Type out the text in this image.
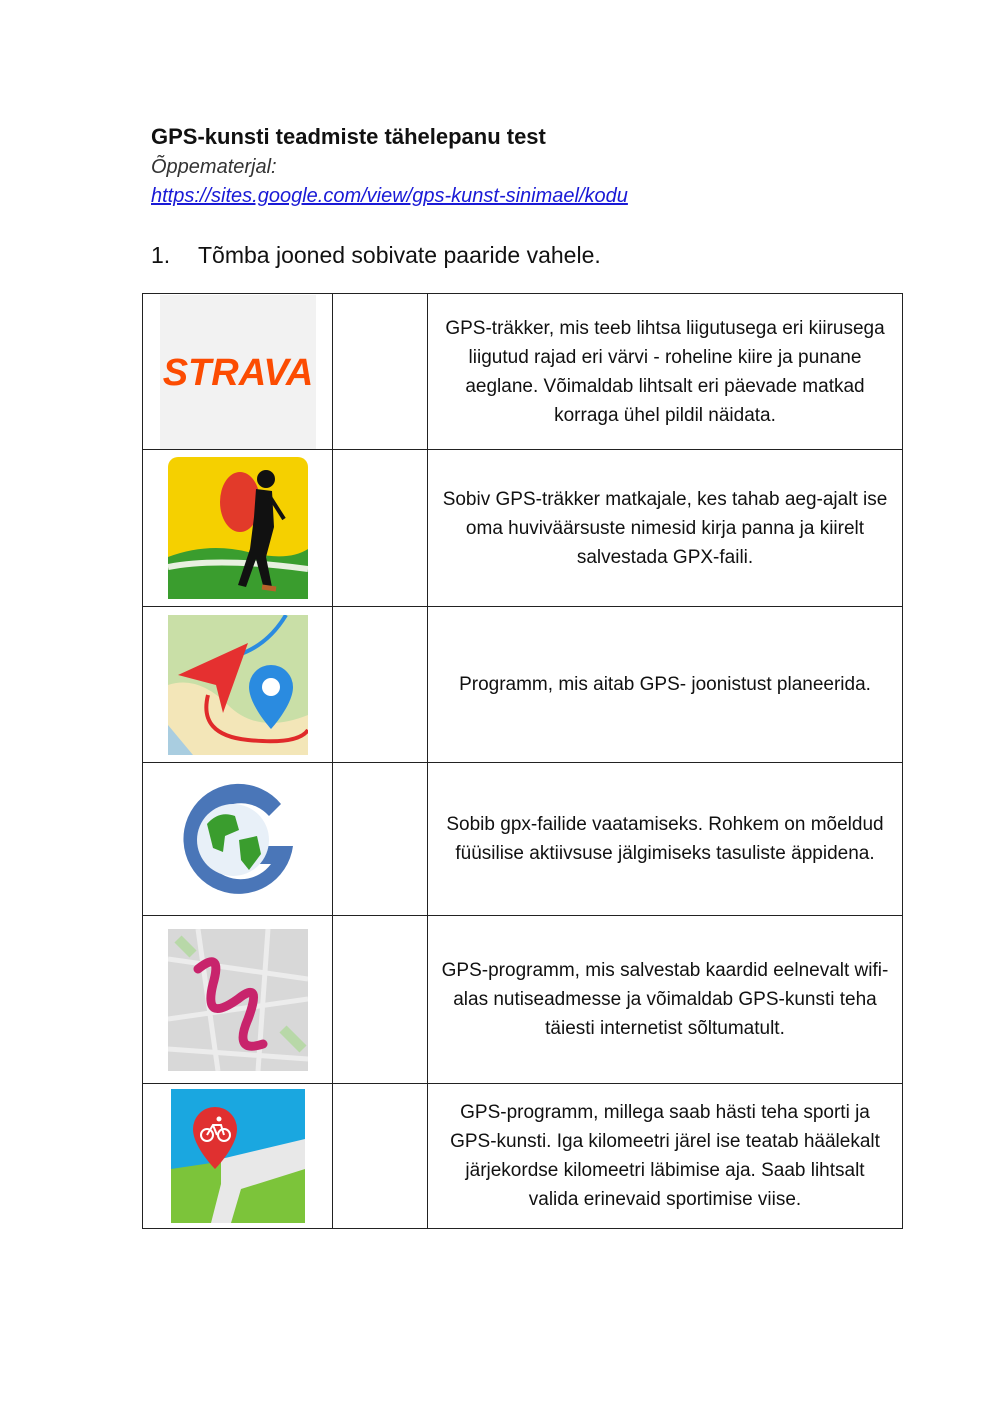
GPS-kunsti teadmiste tähelepanu test
Õppematerjal:
https://sites.google.com/view/gps-kunst-sinimael/kodu
1. Tõmba jooned sobivate paaride vahele.
STRAVA		GPS-träkker, mis teeb lihtsa liigutusega eri kiirusega liigutud rajad eri värvi - roheline kiire ja punane aeglane. Võimaldab lihtsalt eri päevade matkad korraga ühel pildil näidata.

		Sobiv GPS-träkker matkajale, kes tahab aeg-ajalt ise oma huviväärsuste nimesid kirja panna ja kiirelt salvestada GPX-faili.

		Programm, mis aitab GPS- joonistust planeerida.

		Sobib gpx-failide vaatamiseks. Rohkem on mõeldud füüsilise aktiivsuse jälgimiseks tasuliste äppidena.

		GPS-programm, mis salvestab kaardid eelnevalt wifi-alas nutiseadmesse ja võimaldab GPS-kunsti teha täiesti internetist sõltumatult.

		GPS-programm, millega saab hästi teha sporti ja GPS-kunsti. Iga kilomeetri järel ise teatab häälekalt järjekordse kilomeetri läbimise aja. Saab lihtsalt valida erinevaid sportimise viise.
